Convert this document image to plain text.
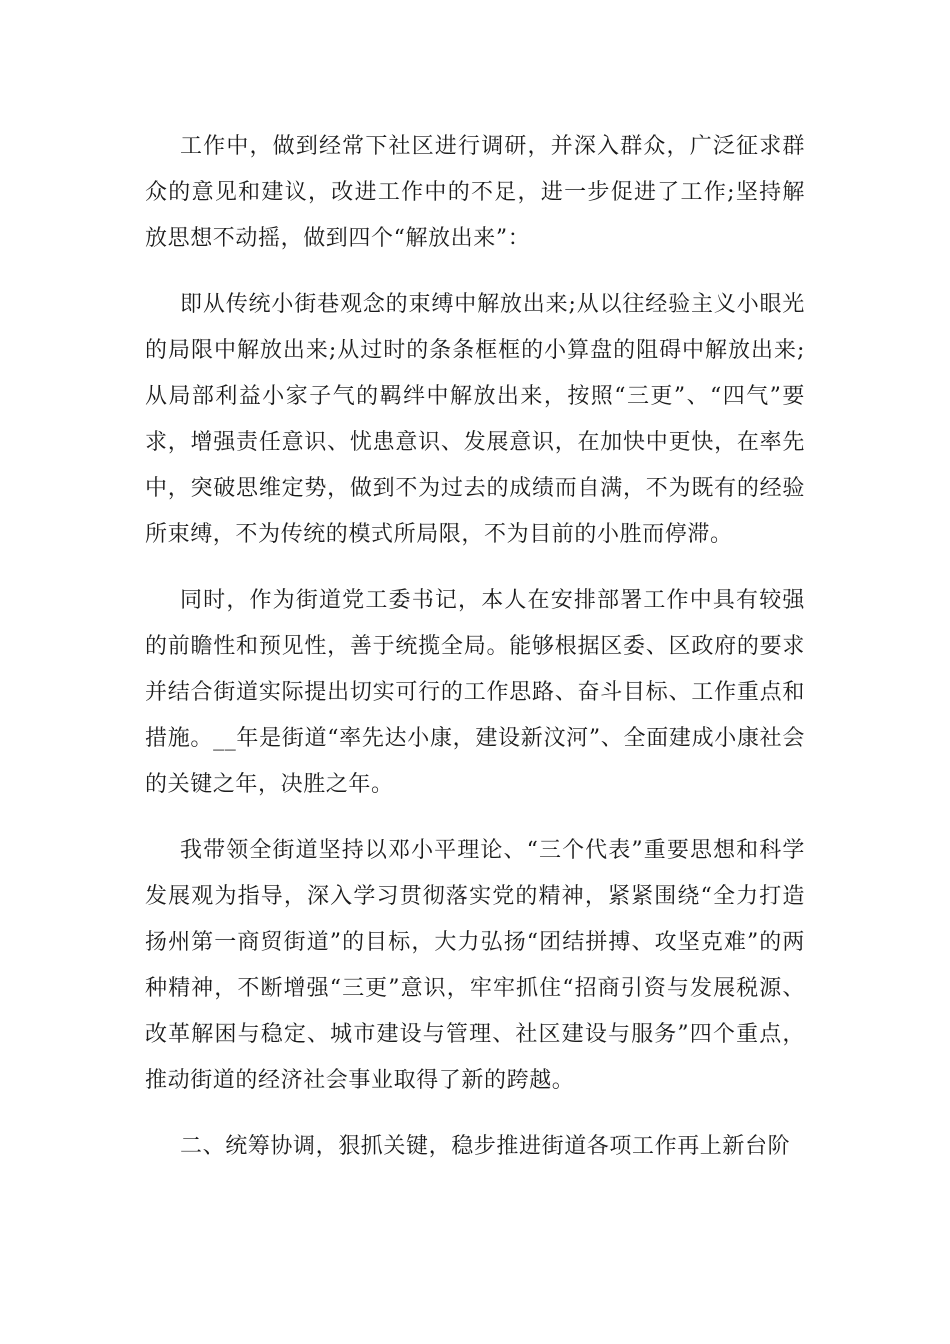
工作中，做到经常下社区进行调研，并深入群众，广泛征求群众的意见和建议，改进工作中的不足，进一步促进了工作;坚持解放思想不动摇，做到四个“解放出来”：

即从传统小街巷观念的束缚中解放出来;从以往经验主义小眼光的局限中解放出来;从过时的条条框框的小算盘的阻碍中解放出来;从局部利益小家子气的羁绊中解放出来，按照“三更”、“四气”要求，增强责任意识、忧患意识、发展意识，在加快中更快，在率先中，突破思维定势，做到不为过去的成绩而自满，不为既有的经验所束缚，不为传统的模式所局限，不为目前的小胜而停滞。

同时，作为街道党工委书记，本人在安排部署工作中具有较强的前瞻性和预见性，善于统揽全局。能够根据区委、区政府的要求并结合街道实际提出切实可行的工作思路、奋斗目标、工作重点和措施。__年是街道“率先达小康，建设新汶河”、全面建成小康社会的关键之年，决胜之年。

我带领全街道坚持以邓小平理论、“三个代表”重要思想和科学发展观为指导，深入学习贯彻落实党的精神，紧紧围绕“全力打造扬州第一商贸街道”的目标，大力弘扬“团结拼搏、攻坚克难”的两种精神，不断增强“三更”意识，牢牢抓住“招商引资与发展税源、改革解困与稳定、城市建设与管理、社区建设与服务”四个重点，推动街道的经济社会事业取得了新的跨越。

二、统筹协调，狠抓关键，稳步推进街道各项工作再上新台阶
